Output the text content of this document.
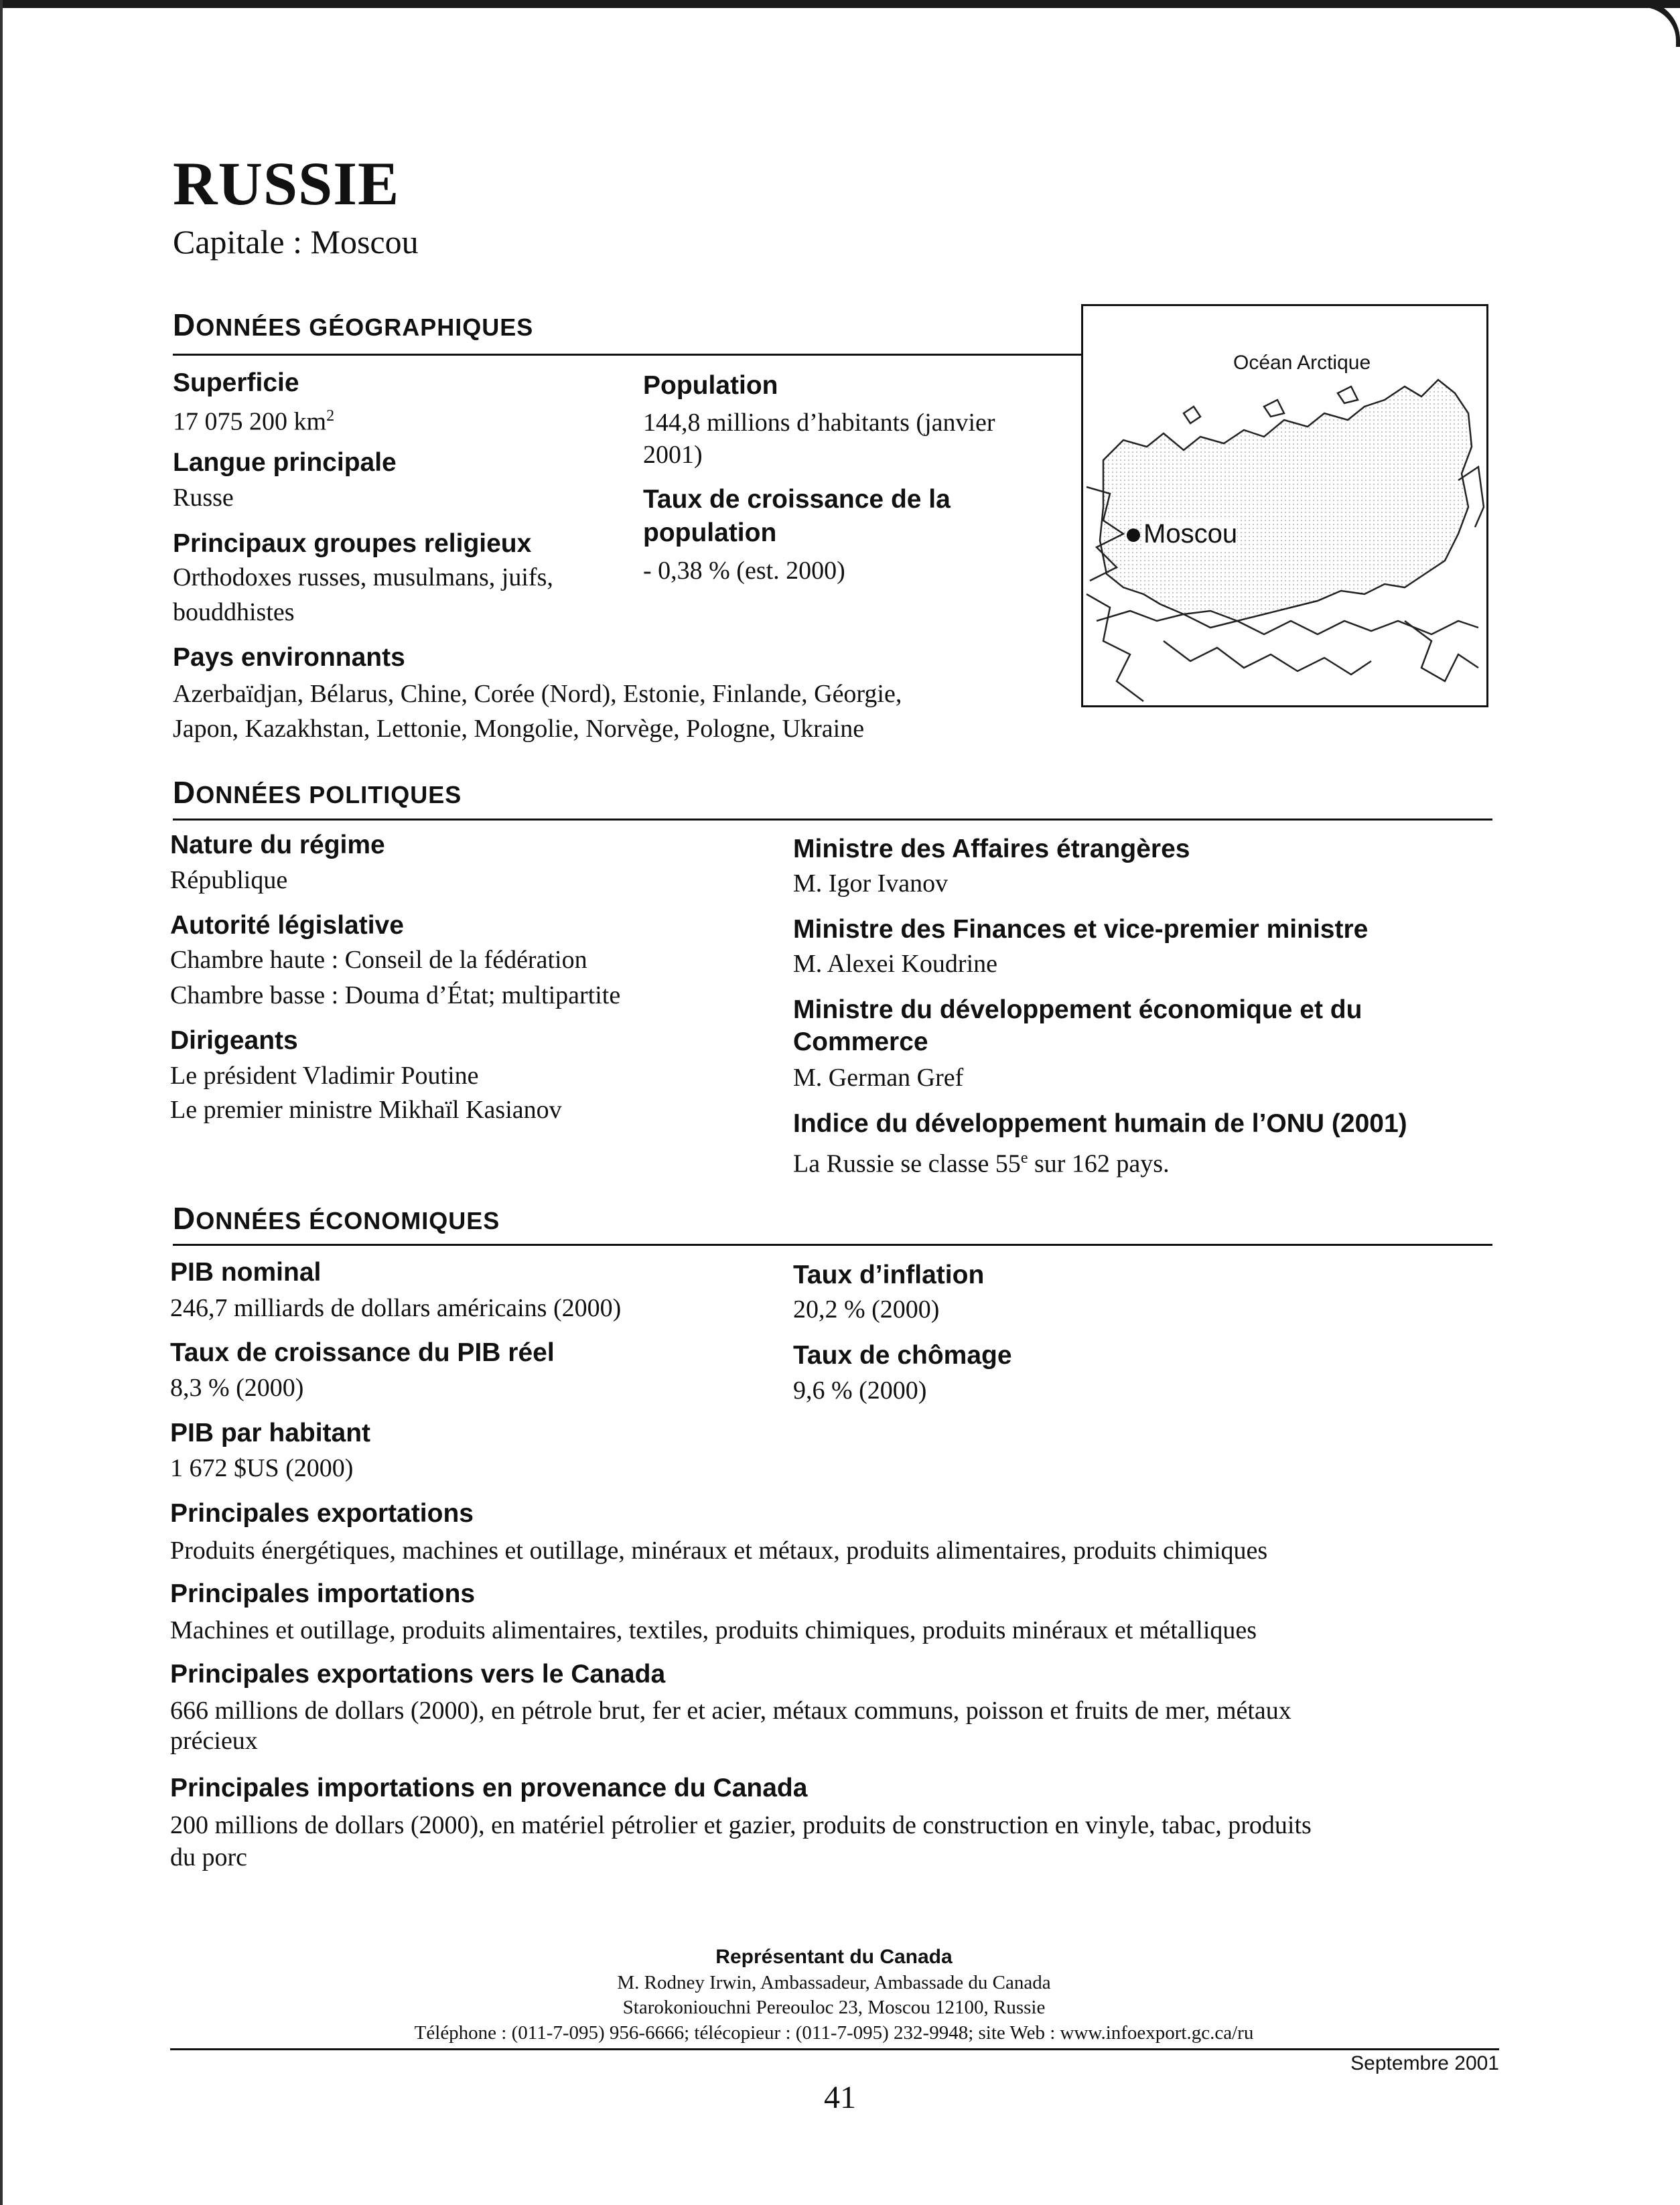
RUSSIE
Capitale : Moscou
DONNÉES GÉOGRAPHIQUES
Superficie
17 075 200 $km^2$
Langue principale
Russe
Principaux groupes religieux
Orthodoxes russes, musulmans, juifs,
bouddhistes
Population
144,8 millions d’habitants (janvier
2001)
Taux de croissance de la
population
- 0,38 % (est. 2000)
Pays environnants
Azerbaïdjan, Bélarus, Chine, Corée (Nord), Estonie, Finlande, Géorgie,
Japon, Kazakhstan, Lettonie, Mongolie, Norvège, Pologne, Ukraine
Océan Arctique
Moscou
DONNÉES POLITIQUES
Nature du régime
République
Autorité législative
Chambre haute : Conseil de la fédération
Chambre basse : Douma d’État; multipartite
Dirigeants
Le président Vladimir Poutine
Le premier ministre Mikhaïl Kasianov
Ministre des Affaires étrangères
M. Igor Ivanov
Ministre des Finances et vice-premier ministre
M. Alexei Koudrine
Ministre du développement économique et du
Commerce
M. German Gref
Indice du développement humain de l’ONU (2001)
La Russie se classe 55e sur 162 pays.
DONNÉES ÉCONOMIQUES
PIB nominal
246,7 milliards de dollars américains (2000)
Taux de croissance du PIB réel
8,3 % (2000)
PIB par habitant
1 672 $US (2000)
Taux d’inflation
20,2 % (2000)
Taux de chômage
9,6 % (2000)
Principales exportations
Produits énergétiques, machines et outillage, minéraux et métaux, produits alimentaires, produits chimiques
Principales importations
Machines et outillage, produits alimentaires, textiles, produits chimiques, produits minéraux et métalliques
Principales exportations vers le Canada
666 millions de dollars (2000), en pétrole brut, fer et acier, métaux communs, poisson et fruits de mer, métaux
précieux
Principales importations en provenance du Canada
200 millions de dollars (2000), en matériel pétrolier et gazier, produits de construction en vinyle, tabac, produits
du porc
Représentant du Canada
M. Rodney Irwin, Ambassadeur, Ambassade du Canada
Starokoniouchni Pereouloc 23, Moscou 12100, Russie
Téléphone : (011-7-095) 956-6666; télécopieur : (011-7-095) 232-9948; site Web : www.infoexport.gc.ca/ru
Septembre 2001
41
